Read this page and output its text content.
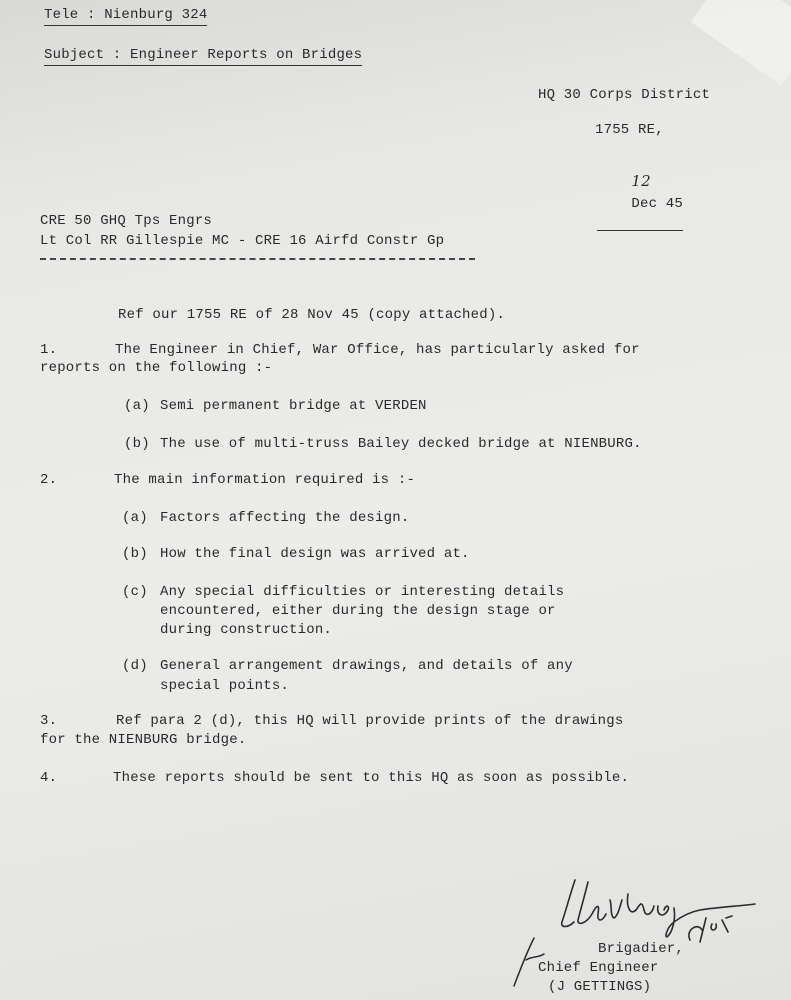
Tele : Nienburg 324
Subject : Engineer Reports on Bridges
HQ 30 Corps District
1755 RE,

12
Dec 45

CRE 50 GHQ Tps Engrs
Lt Col RR Gillespie MC - CRE 16 Airfd Constr Gp
Ref our 1755 RE of 28 Nov 45 (copy attached).
1.	The Engineer in Chief, War Office, has particularly asked for
reports on the following :-
(a) Semi permanent bridge at VERDEN
(b) The use of multi-truss Bailey decked bridge at NIENBURG.
2.	The main information required is :-
(a) Factors affecting the design.
(b) How the final design was arrived at.
(c) Any special difficulties or interesting details
encountered, either during the design stage or
during construction.
(d) General arrangement drawings, and details of any
special points.
3.	Ref para 2 (d), this HQ will provide prints of the drawings
for the NIENBURG bridge.
4.	These reports should be sent to this HQ as soon as possible.
Brigadier,
Chief Engineer
(J GETTINGS)
